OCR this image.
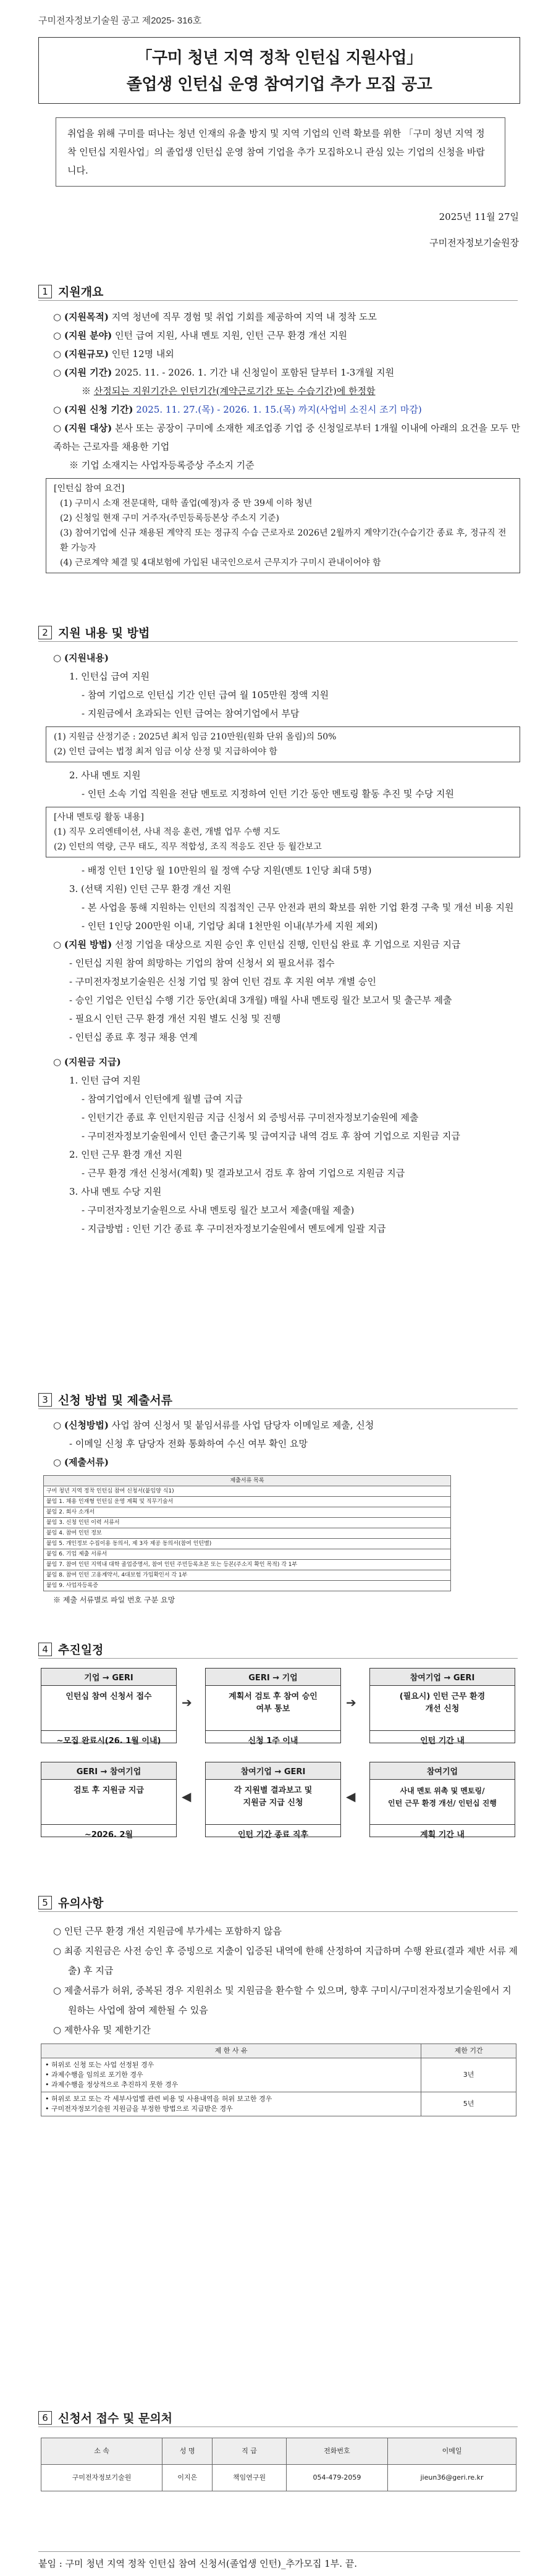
구미전자정보기술원 공고 제2025- 316호
「구미 청년 지역 정착 인턴십 지원사업」
졸업생 인턴십 운영 참여기업 추가 모집 공고
취업을 위해 구미를 떠나는 청년 인재의 유출 방지 및 지역 기업의 인력 확보를 위한 「구미 청년 지역 정착 인턴십 지원사업」의 졸업생 인턴십 운영 참여 기업을 추가 모집하오니 관심 있는 기업의 신청을 바랍니다.
2025년 11월 27일
구미전자정보기술원장
1 지원개요

○ (지원목적) 지역 청년에 직무 경험 및 취업 기회를 제공하여 지역 내 정착 도모

○ (지원 분야) 인턴 급여 지원, 사내 멘토 지원, 인턴 근무 환경 개선 지원

○ (지원규모) 인턴 12명 내외

○ (지원 기간) 2025. 11. - 2026. 1. 기간 내 신청일이 포함된 달부터 1-3개월 지원

※ 산정되는 지원기간은 인턴기간(계약근로기간 또는 수습기간)에 한정함

○ (지원 신청 기간) 2025. 11. 27.(목) - 2026. 1. 15.(목) 까지(사업비 소진시 조기 마감)

○ (지원 대상) 본사 또는 공장이 구미에 소재한 제조업종 기업 중 신청일로부터 1개월 이내에 아래의 요건을 모두 만족하는 근로자를 채용한 기업

※ 기업 소재지는 사업자등록증상 주소지 기준

[인턴십 참여 요건]
(1) 구미시 소재 전문대학, 대학 졸업(예정)자 중 만 39세 이하 청년
(2) 신청일 현재 구미 거주자(주민등록등본상 주소지 기준)
(3) 참여기업에 신규 채용된 계약직 또는 정규직 수습 근로자로 2026년 2월까지 계약기간(수습기간 종료 후, 정규직 전환 가능자
(4) 근로계약 체결 및 4대보험에 가입된 내국인으로서 근무지가 구미시 관내이어야 함
2 지원 내용 및 방법

○ (지원내용)

1. 인턴십 급여 지원

- 참여 기업으로 인턴십 기간 인턴 급여 월 105만원 정액 지원

- 지원금에서 초과되는 인턴 급여는 참여기업에서 부담

(1) 지원금 산정기준 : 2025년 최저 임금 210만원(원화 단위 올림)의 50%
(2) 인턴 급여는 법정 최저 임금 이상 산정 및 지급하여야 함

2. 사내 멘토 지원

- 인턴 소속 기업 직원을 전담 멘토로 지정하여 인턴 기간 동안 멘토링 활동 추진 및 수당 지원

[사내 멘토링 활동 내용]
(1) 직무 오리엔테이션, 사내 적응 훈련, 개별 업무 수행 지도
(2) 인턴의 역량, 근무 태도, 직무 적합성, 조직 적응도 진단 등 월간보고

- 배정 인턴 1인당 월 10만원의 월 정액 수당 지원(멘토 1인당 최대 5명)

3. (선택 지원) 인턴 근무 환경 개선 지원

- 본 사업을 통해 지원하는 인턴의 직접적인 근무 안전과 편의 확보를 위한 기업 환경 구축 및 개선 비용 지원

- 인턴 1인당 200만원 이내, 기업당 최대 1천만원 이내(부가세 지원 제외)

○ (지원 방법) 선정 기업을 대상으로 지원 승인 후 인턴십 진행, 인턴십 완료 후 기업으로 지원금 지급

- 인턴십 지원 참여 희망하는 기업의 참여 신청서 외 필요서류 접수

- 구미전자정보기술원은 신청 기업 및 참여 인턴 검토 후 지원 여부 개별 승인

- 승인 기업은 인턴십 수행 기간 동안(최대 3개월) 매월 사내 멘토링 월간 보고서 및 출근부 제출

- 필요시 인턴 근무 환경 개선 지원 별도 신청 및 진행

- 인턴십 종료 후 정규 채용 연계

○ (지원금 지급)

1. 인턴 급여 지원

- 참여기업에서 인턴에게 월별 급여 지급

- 인턴기간 종료 후 인턴지원금 지급 신청서 외 증빙서류 구미전자정보기술원에 제출

- 구미전자정보기술원에서 인턴 출근기록 및 급여지급 내역 검토 후 참여 기업으로 지원금 지급

2. 인턴 근무 환경 개선 지원

- 근무 환경 개선 신청서(계획) 및 결과보고서 검토 후 참여 기업으로 지원금 지급

3. 사내 멘토 수당 지원

- 구미전자정보기술원으로 사내 멘토링 월간 보고서 제출(매월 제출)

- 지급방법 : 인턴 기간 종료 후 구미전자정보기술원에서 멘토에게 일괄 지급

3 신청 방법 및 제출서류

○ (신청방법) 사업 참여 신청서 및 붙임서류를 사업 담당자 이메일로 제출, 신청

- 이메일 신청 후 담당자 전화 통화하여 수신 여부 확인 요망

○ (제출서류)

제출서류 목록
구미 청년 지역 정착 인턴십 참여 신청서(붙임양 식1)
붙임 1. 채용 인재형 인턴십 운영 계획 및 직무기술서
붙임 2. 회사 소개서
붙임 3. 신청 인턴 이력 서류서
붙임 4. 참여 인턴 정보
붙임 5. 개인정보 수집이용 동의서, 제 3자 제공 동의서(참여 인턴별)
붙임 6. 기업 제출 서류서
붙임 7. 참여 인턴 지역내 대학 졸업증명서, 참여 인턴 주민등록초본 또는 등본(주소지 확인 목적) 각 1부
붙임 8. 참여 인턴 고용계약서, 4대보험 가입확인서 각 1부
붙임 9. 사업자등록증

※ 제출 서류별로 파일 번호 구분 요망

4 추진일정
기업 → GERI
인턴십 참여 신청서 접수

~모집 완료시(26. 1월 이내)
➔
GERI → 기업
계획서 검토 후 참여 승인
여부 통보
신청 1주 이내
➔
참여기업 → GERI
(필요시) 인턴 근무 환경
개선 신청
인턴 기간 내
GERI → 참여기업
검토 후 지원금 지급

~2026. 2월
◀
참여기업 → GERI
각 지원별 결과보고 및
지원금 지급 신청
인턴 기간 종료 직후
◀
참여기업
사내 멘토 위촉 및 멘토링/
인턴 근무 환경 개선/ 인턴십 진행
계획 기간 내
5 유의사항

○ 인턴 근무 환경 개선 지원금에 부가세는 포함하지 않음

○ 최종 지원금은 사전 승인 후 증빙으로 지출이 입증된 내역에 한해 산정하여 지급하며 수행 완료(결과 제반 서류 제출) 후 지급

○ 제출서류가 허위, 중복된 경우 지원취소 및 지원금을 환수할 수 있으며, 향후 구미시/구미전자정보기술원에서 지원하는 사업에 참여 제한될 수 있음

○ 제한사유 및 제한기간

제 한 사 유	제한 기간

• 허위로 신청 또는 사업 선정된 경우
• 과제수행을 임의로 포기한 경우
• 과제수행을 정상적으로 추진하지 못한 경우	3년

• 허위로 보고 또는 각 세부사업별 관련 비용 및 사용내역을 허위 보고한 경우
• 구미전자정보기술원 지원금을 부정한 방법으로 지급받은 경우	5년
6 신청서 접수 및 문의처
소 속	성 명	직 급	전화번호	이메일
구미전자정보기술원	이지은	책임연구원	054-479-2059	jieun36@geri.re.kr
붙임 : 구미 청년 지역 정착 인턴십 참여 신청서(졸업생 인턴)_추가모집 1부. 끝.
